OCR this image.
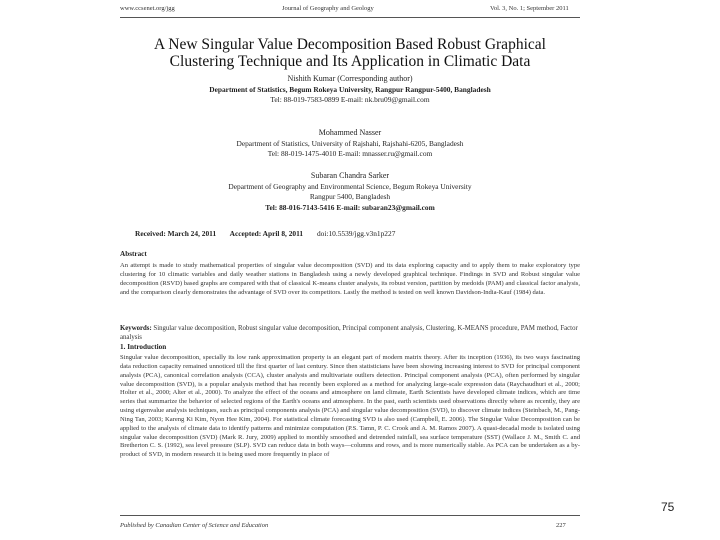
www.ccsenet.org/jgg	Journal of Geography and Geology	Vol. 3, No. 1; September 2011
A New Singular Value Decomposition Based Robust Graphical
Clustering Technique and Its Application in Climatic Data
Nishith Kumar (Corresponding author)
Department of Statistics, Begum Rokeya University, Rangpur Rangpur-5400, Bangladesh
Tel: 88-019-7583-0899 E-mail: nk.bru09@gmail.com
Mohammed Nasser
Department of Statistics, University of Rajshahi, Rajshahi-6205, Bangladesh
Tel: 88-019-1475-4010 E-mail: mnasser.ru@gmail.com
Subaran Chandra Sarker
Department of Geography and Environmental Science, Begum Rokeya University
Rangpur 5400, Bangladesh
Tel: 88-016-7143-5416 E-mail: subaran23@gmail.com
Received: March 24, 2011 Accepted: April 8, 2011 doi:10.5539/jgg.v3n1p227
Abstract

An attempt is made to study mathematical properties of singular value decomposition (SVD) and its data exploring capacity and to apply them to make exploratory type clustering for 10 climatic variables and daily weather stations in Bangladesh using a newly developed graphical technique. Findings in SVD and Robust singular value decomposition (RSVD) based graphs are compared with that of classical K-means cluster analysis, its robust version, partition by medoids (PAM) and classical factor analysis, and the comparison clearly demonstrates the advantage of SVD over its competitors. Lastly the method is tested on well known Davidson-India-Kauf (1984) data.

Keywords: Singular value decomposition, Robust singular value decomposition, Principal component analysis, Clustering, K-MEANS procedure, PAM method, Factor analysis
1. Introduction

Singular value decomposition, specially its low rank approximation property is an elegant part of modern matrix theory. After its inception (1936), its two ways fascinating data reduction capacity remained unnoticed till the first quarter of last century. Since then statisticians have been showing increasing interest to SVD for principal component analysis (PCA), canonical correlation analysis (CCA), cluster analysis and multivariate outliers detection. Principal component analysis (PCA), often performed by singular value decomposition (SVD), is a popular analysis method that has recently been explored as a method for analyzing large-scale expression data (Raychaudhuri et al., 2000; Holter et al., 2000; Alter et al., 2000). To analyze the effect of the oceans and atmosphere on land climate, Earth Scientists have developed climate indices, which are time series that summarize the behavior of selected regions of the Earth's oceans and atmosphere. In the past, earth scientists used observations directly where as recently, they are using eigenvalue analysis techniques, such as principal components analysis (PCA) and singular value decomposition (SVD), to discover climate indices (Steinbach, M., Pang-Ning Tan, 2003; Kareng Ki Kim, Nyon Hee Kim, 2004). For statistical climate forecasting SVD is also used (Campbell, E. 2006). The Singular Value Decomposition can be applied to the analysis of climate data to identify patterns and minimize computation (P.S. Tamn, P. C. Crook and A. M. Ramos 2007). A quasi-decadal mode is isolated using singular value decomposition (SVD) (Mark R. Jury, 2009) applied to monthly smoothed and detrended rainfall, sea surface temperature (SST) (Wallace J. M., Smith C. and Bretherton C. S. (1992), sea level pressure (SLP). SVD can reduce data in both ways—columns and rows, and is more numerically stable. As PCA can be undertaken as a by-product of SVD, in modern research it is being used more frequently in place of

Published by Canadian Center of Science and Education	227
75
